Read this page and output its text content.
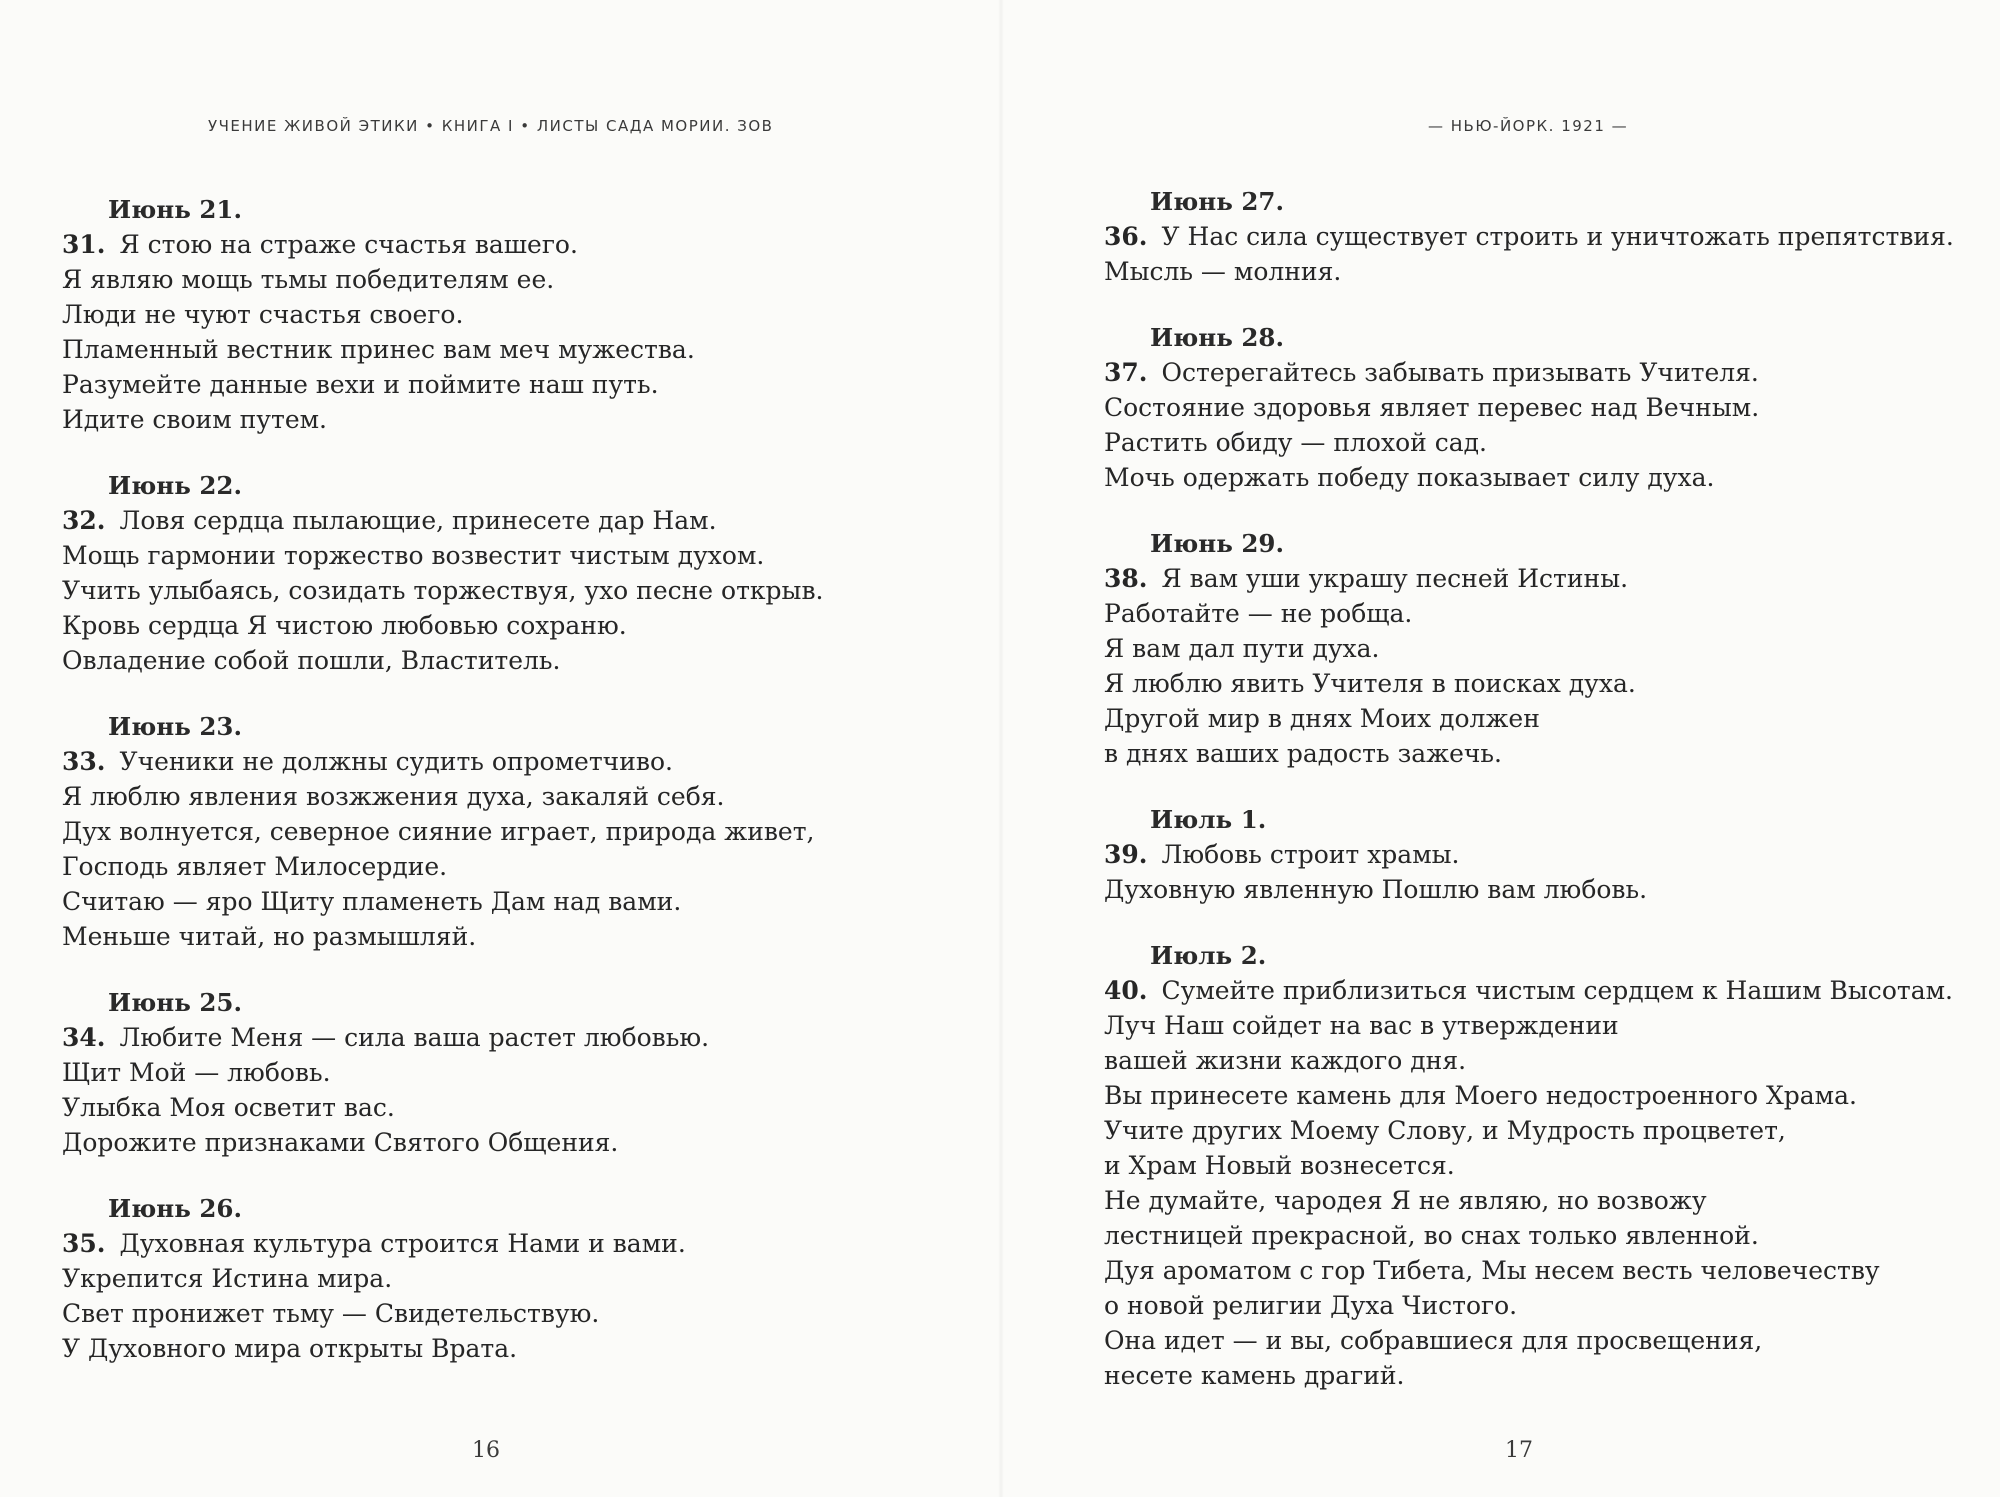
УЧЕНИЕ ЖИВОЙ ЭТИКИ • КНИГА I • ЛИСТЫ САДА МОРИИ. ЗОВ
Июнь 21.
31. Я стою на страже счастья вашего.
Я являю мощь тьмы победителям ее.
Люди не чуют счастья своего.
Пламенный вестник принес вам меч мужества.
Разумейте данные вехи и поймите наш путь.
Идите своим путем.
Июнь 22.
32. Ловя сердца пылающие, принесете дар Нам.
Мощь гармонии торжество возвестит чистым духом.
Учить улыбаясь, созидать торжествуя, ухо песне открыв.
Кровь сердца Я чистою любовью сохраню.
Овладение собой пошли, Властитель.
Июнь 23.
33. Ученики не должны судить опрометчиво.
Я люблю явления возжжения духа, закаляй себя.
Дух волнуется, северное сияние играет, природа живет,
Господь являет Милосердие.
Считаю — яро Щиту пламенеть Дам над вами.
Меньше читай, но размышляй.
Июнь 25.
34. Любите Меня — сила ваша растет любовью.
Щит Мой — любовь.
Улыбка Моя осветит вас.
Дорожите признаками Святого Общения.
Июнь 26.
35. Духовная культура строится Нами и вами.
Укрепится Истина мира.
Свет пронижет тьму — Свидетельствую.
У Духовного мира открыты Врата.
16
— НЬЮ-ЙОРК. 1921 —
Июнь 27.
36. У Нас сила существует строить и уничтожать препятствия.
Мысль — молния.
Июнь 28.
37. Остерегайтесь забывать призывать Учителя.
Состояние здоровья являет перевес над Вечным.
Растить обиду — плохой сад.
Мочь одержать победу показывает силу духа.
Июнь 29.
38. Я вам уши украшу песней Истины.
Работайте — не робща.
Я вам дал пути духа.
Я люблю явить Учителя в поисках духа.
Другой мир в днях Моих должен
в днях ваших радость зажечь.
Июль 1.
39. Любовь строит храмы.
Духовную явленную Пошлю вам любовь.
Июль 2.
40. Сумейте приблизиться чистым сердцем к Нашим Высотам.
Луч Наш сойдет на вас в утверждении
вашей жизни каждого дня.
Вы принесете камень для Моего недостроенного Храма.
Учите других Моему Слову, и Мудрость процветет,
и Храм Новый вознесется.
Не думайте, чародея Я не являю, но возвожу
лестницей прекрасной, во снах только явленной.
Дуя ароматом с гор Тибета, Мы несем весть человечеству
о новой религии Духа Чистого.
Она идет — и вы, собравшиеся для просвещения,
несете камень драгий.
17
